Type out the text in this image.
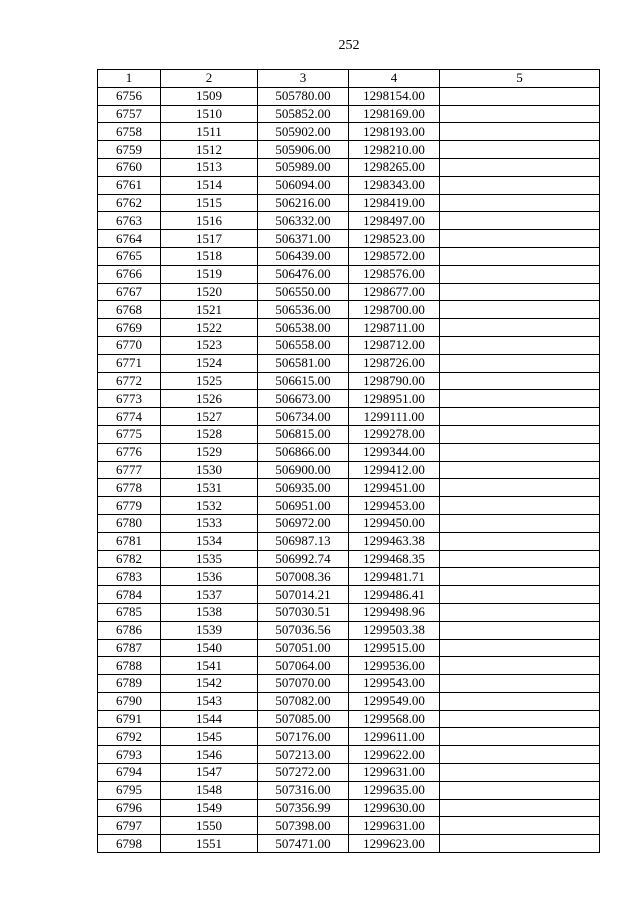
252
1	2	3	4	5
6756	1509	505780.00	1298154.00	
6757	1510	505852.00	1298169.00	
6758	1511	505902.00	1298193.00	
6759	1512	505906.00	1298210.00	
6760	1513	505989.00	1298265.00	
6761	1514	506094.00	1298343.00	
6762	1515	506216.00	1298419.00	
6763	1516	506332.00	1298497.00	
6764	1517	506371.00	1298523.00	
6765	1518	506439.00	1298572.00	
6766	1519	506476.00	1298576.00	
6767	1520	506550.00	1298677.00	
6768	1521	506536.00	1298700.00	
6769	1522	506538.00	1298711.00	
6770	1523	506558.00	1298712.00	
6771	1524	506581.00	1298726.00	
6772	1525	506615.00	1298790.00	
6773	1526	506673.00	1298951.00	
6774	1527	506734.00	1299111.00	
6775	1528	506815.00	1299278.00	
6776	1529	506866.00	1299344.00	
6777	1530	506900.00	1299412.00	
6778	1531	506935.00	1299451.00	
6779	1532	506951.00	1299453.00	
6780	1533	506972.00	1299450.00	
6781	1534	506987.13	1299463.38	
6782	1535	506992.74	1299468.35	
6783	1536	507008.36	1299481.71	
6784	1537	507014.21	1299486.41	
6785	1538	507030.51	1299498.96	
6786	1539	507036.56	1299503.38	
6787	1540	507051.00	1299515.00	
6788	1541	507064.00	1299536.00	
6789	1542	507070.00	1299543.00	
6790	1543	507082.00	1299549.00	
6791	1544	507085.00	1299568.00	
6792	1545	507176.00	1299611.00	
6793	1546	507213.00	1299622.00	
6794	1547	507272.00	1299631.00	
6795	1548	507316.00	1299635.00	
6796	1549	507356.99	1299630.00	
6797	1550	507398.00	1299631.00	
6798	1551	507471.00	1299623.00	
